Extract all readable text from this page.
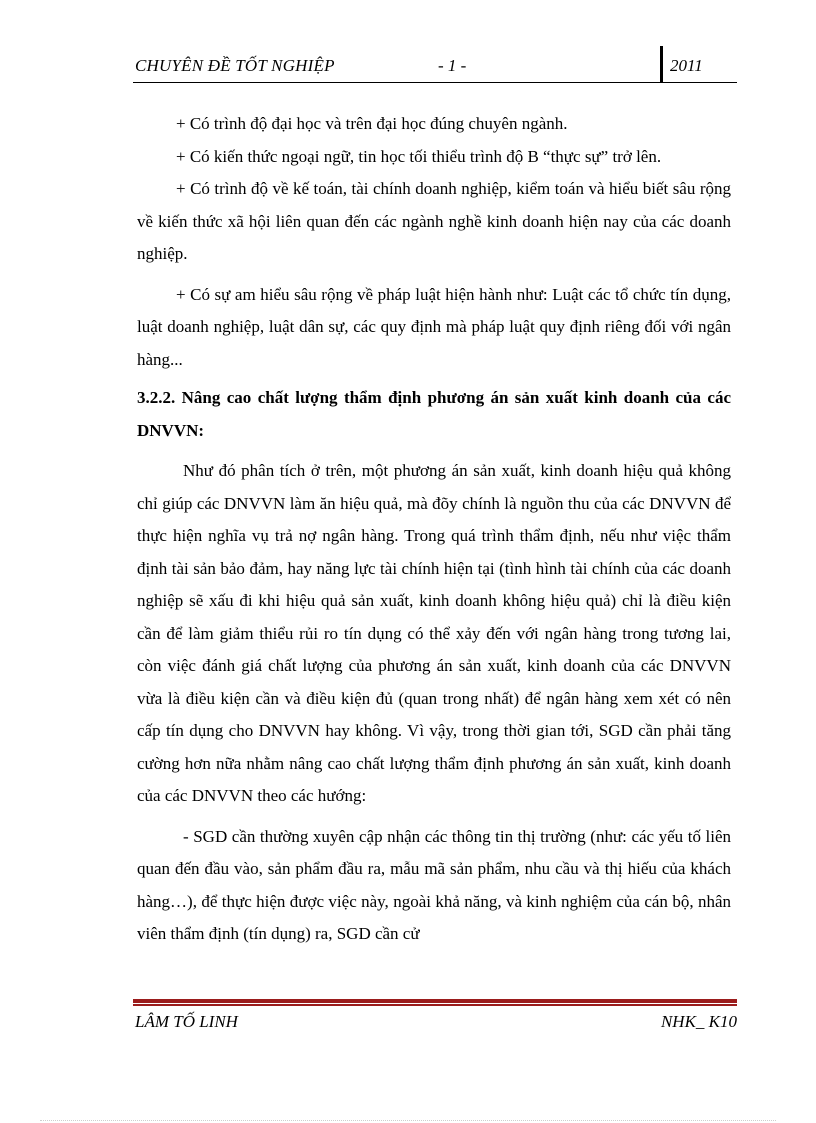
CHUYÊN ĐỀ TỐT NGHIỆP	- 1 -	2011

+ Có trình độ đại học và trên đại học đúng chuyên ngành.

+ Có kiến thức ngoại ngữ, tin học tối thiểu trình độ B “thực sự” trở lên.

+ Có trình độ về kế toán, tài chính doanh nghiệp, kiểm toán và hiểu biết sâu rộng về kiến thức xã hội liên quan đến các ngành nghề kinh doanh hiện nay của các doanh nghiệp.

+ Có sự am hiểu sâu rộng về pháp luật hiện hành như: Luật các tổ chức tín dụng, luật doanh nghiệp, luật dân sự, các quy định mà pháp luật quy định riêng đối với ngân hàng...

3.2.2. Nâng cao chất lượng thẩm định phương án sản xuất kinh doanh của các DNVVN:

Như đó phân tích ở trên, một phương án sản xuất, kinh doanh hiệu quả không chỉ giúp các DNVVN làm ăn hiệu quả, mà đõy chính là nguồn thu của các DNVVN để thực hiện nghĩa vụ trả nợ ngân hàng. Trong quá trình thẩm định, nếu như việc thẩm định tài sản bảo đảm, hay năng lực tài chính hiện tại (tình hình tài chính của các doanh nghiệp sẽ xấu đi khi hiệu quả sản xuất, kinh doanh không hiệu quả) chỉ là điều kiện cần để làm giảm thiểu rủi ro tín dụng có thể xảy đến với ngân hàng trong tương lai, còn việc đánh giá chất lượng của phương án sản xuất, kinh doanh của các DNVVN vừa là điều kiện cần và điều kiện đủ (quan trong nhất) để ngân hàng xem xét có nên cấp tín dụng cho DNVVN hay không. Vì vậy, trong thời gian tới, SGD cần phải tăng cường hơn nữa nhằm nâng cao chất lượng thẩm định phương án sản xuất, kinh doanh của các DNVVN theo các hướng:

- SGD cần thường xuyên cập nhận các thông tin thị trường (như: các yếu tố liên quan đến đầu vào, sản phẩm đầu ra, mẫu mã sản phẩm, nhu cầu và thị hiếu của khách hàng…), để thực hiện được việc này, ngoài khả năng, và kinh nghiệm của cán bộ, nhân viên thẩm định (tín dụng) ra, SGD cần cử

LÂM TỐ LINH	NHK_ K10
